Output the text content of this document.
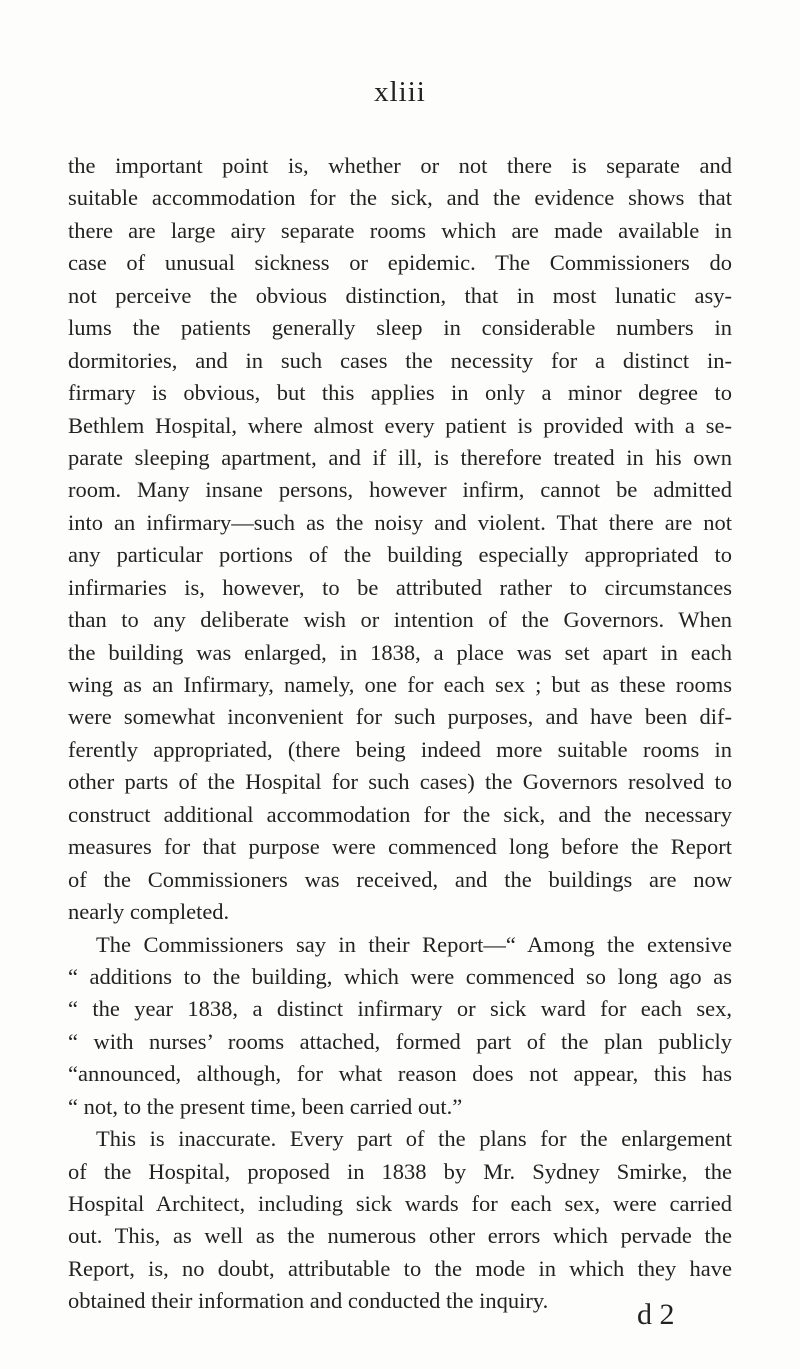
xliii
the important point is, whether or not there is separate and
suitable accommodation for the sick, and the evidence shows that
there are large airy separate rooms which are made available in
case of unusual sickness or epidemic. The Commissioners do
not perceive the obvious distinction, that in most lunatic asy-
lums the patients generally sleep in considerable numbers in
dormitories, and in such cases the necessity for a distinct in-
firmary is obvious, but this applies in only a minor degree to
Bethlem Hospital, where almost every patient is provided with a se-
parate sleeping apartment, and if ill, is therefore treated in his own
room. Many insane persons, however infirm, cannot be admitted
into an infirmary—such as the noisy and violent. That there are not
any particular portions of the building especially appropriated to
infirmaries is, however, to be attributed rather to circumstances
than to any deliberate wish or intention of the Governors. When
the building was enlarged, in 1838, a place was set apart in each
wing as an Infirmary, namely, one for each sex ; but as these rooms
were somewhat inconvenient for such purposes, and have been dif-
ferently appropriated, (there being indeed more suitable rooms in
other parts of the Hospital for such cases) the Governors resolved to
construct additional accommodation for the sick, and the necessary
measures for that purpose were commenced long before the Report
of the Commissioners was received, and the buildings are now
nearly completed.
The Commissioners say in their Report—“ Among the extensive
“ additions to the building, which were commenced so long ago as
“ the year 1838, a distinct infirmary or sick ward for each sex,
“ with nurses’ rooms attached, formed part of the plan publicly
“announced, although, for what reason does not appear, this has
“ not, to the present time, been carried out.”
This is inaccurate. Every part of the plans for the enlargement
of the Hospital, proposed in 1838 by Mr. Sydney Smirke, the
Hospital Architect, including sick wards for each sex, were carried
out. This, as well as the numerous other errors which pervade the
Report, is, no doubt, attributable to the mode in which they have
obtained their information and conducted the inquiry.	d 2
